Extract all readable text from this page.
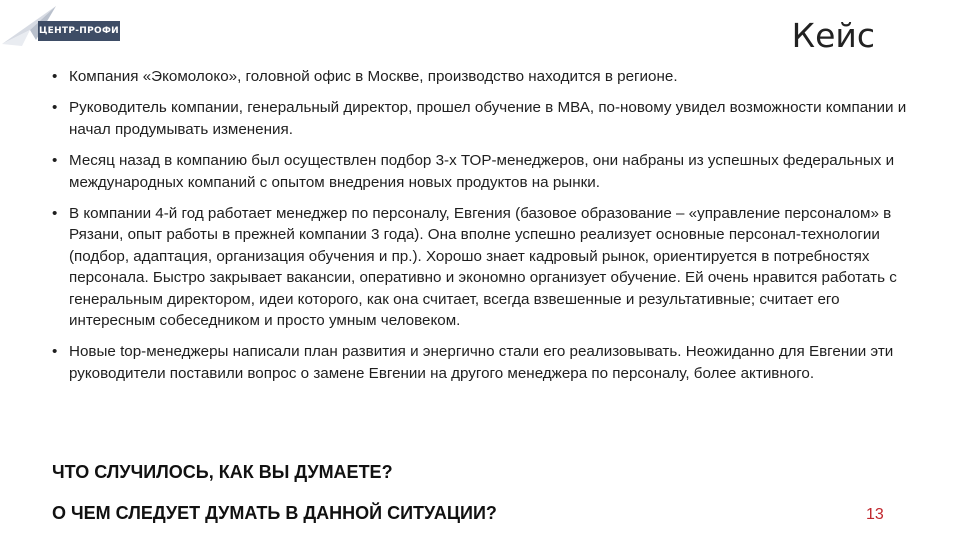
ЦЕНТР-ПРОФИ	Кейс
• Компания «Экомолоко», головной офис в Москве, производство находится в регионе.
• Руководитель компании, генеральный директор, прошел обучение в МВА, по-новому увидел возможности компании и начал продумывать изменения.
• Месяц назад в компанию был осуществлен подбор 3-х ТОР-менеджеров, они набраны из успешных федеральных и международных компаний с опытом внедрения новых продуктов на рынки.
• В компании 4-й год работает менеджер по персоналу, Евгения (базовое образование – «управление персоналом» в Рязани, опыт работы в прежней компании 3 года). Она вполне успешно реализует основные персонал-технологии (подбор, адаптация, организация обучения и пр.). Хорошо знает кадровый рынок, ориентируется в потребностях персонала. Быстро закрывает вакансии, оперативно и экономно организует обучение. Ей очень нравится работать с генеральным директором, идеи которого, как она считает, всегда взвешенные и результативные; считает его интересным собеседником и просто умным человеком.
• Новые top-менеджеры написали план развития и энергично стали его реализовывать. Неожиданно для Евгении эти руководители поставили вопрос о замене Евгении на другого менеджера по персоналу, более активного.
ЧТО СЛУЧИЛОСЬ, КАК ВЫ ДУМАЕТЕ?
О ЧЕМ СЛЕДУЕТ ДУМАТЬ В ДАННОЙ СИТУАЦИИ?	13
